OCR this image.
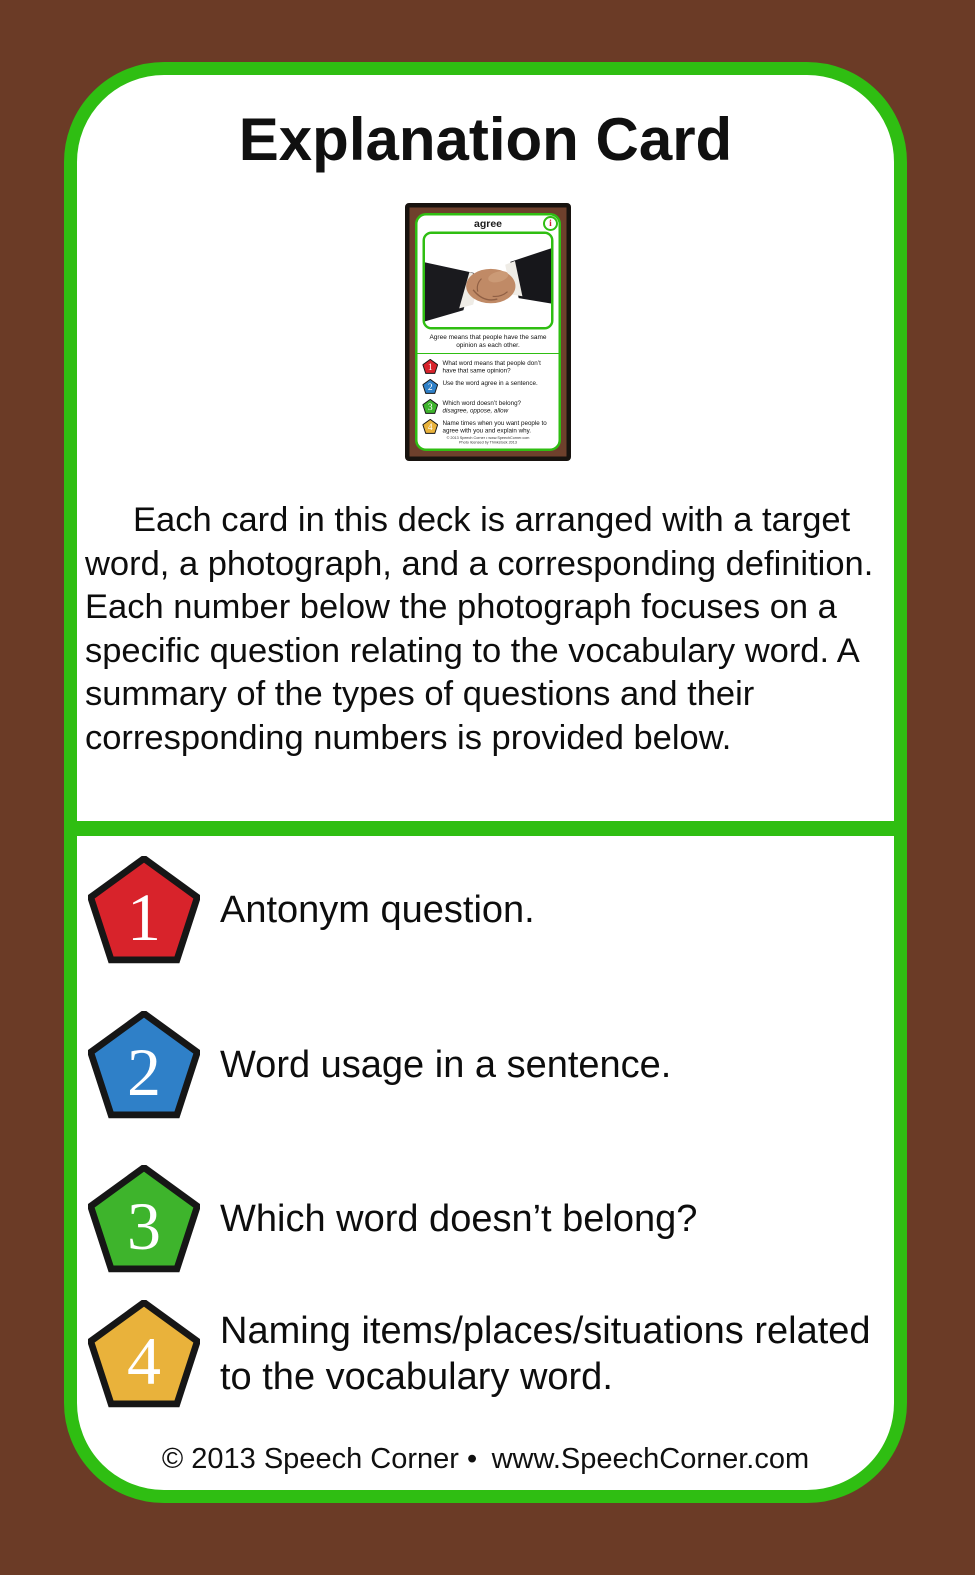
Explanation Card
agree	i
Agree means that people have the same opinion as each other.
1 What word means that people don’t have that same opinion?
2 Use the word agree in a sentence.
3 Which word doesn’t belong?
disagree, oppose, allow
4 Name times when you want people to agree with you and explain why.
© 2013 Speech Corner • www.SpeechCorner.com
Photo licensed by Thinkstock 2013
Each card in this deck is arranged with a target word, a photograph, and a corresponding definition. Each number below the photograph focuses on a specific question relating to the vocabulary word. A summary of the types of questions and their corresponding numbers is provided below.
1	Antonym question.
2	Word usage in a sentence.
3	Which word doesn’t belong?
4	Naming items/places/situations related to the vocabulary word.
© 2013 Speech Corner • www.SpeechCorner.com
